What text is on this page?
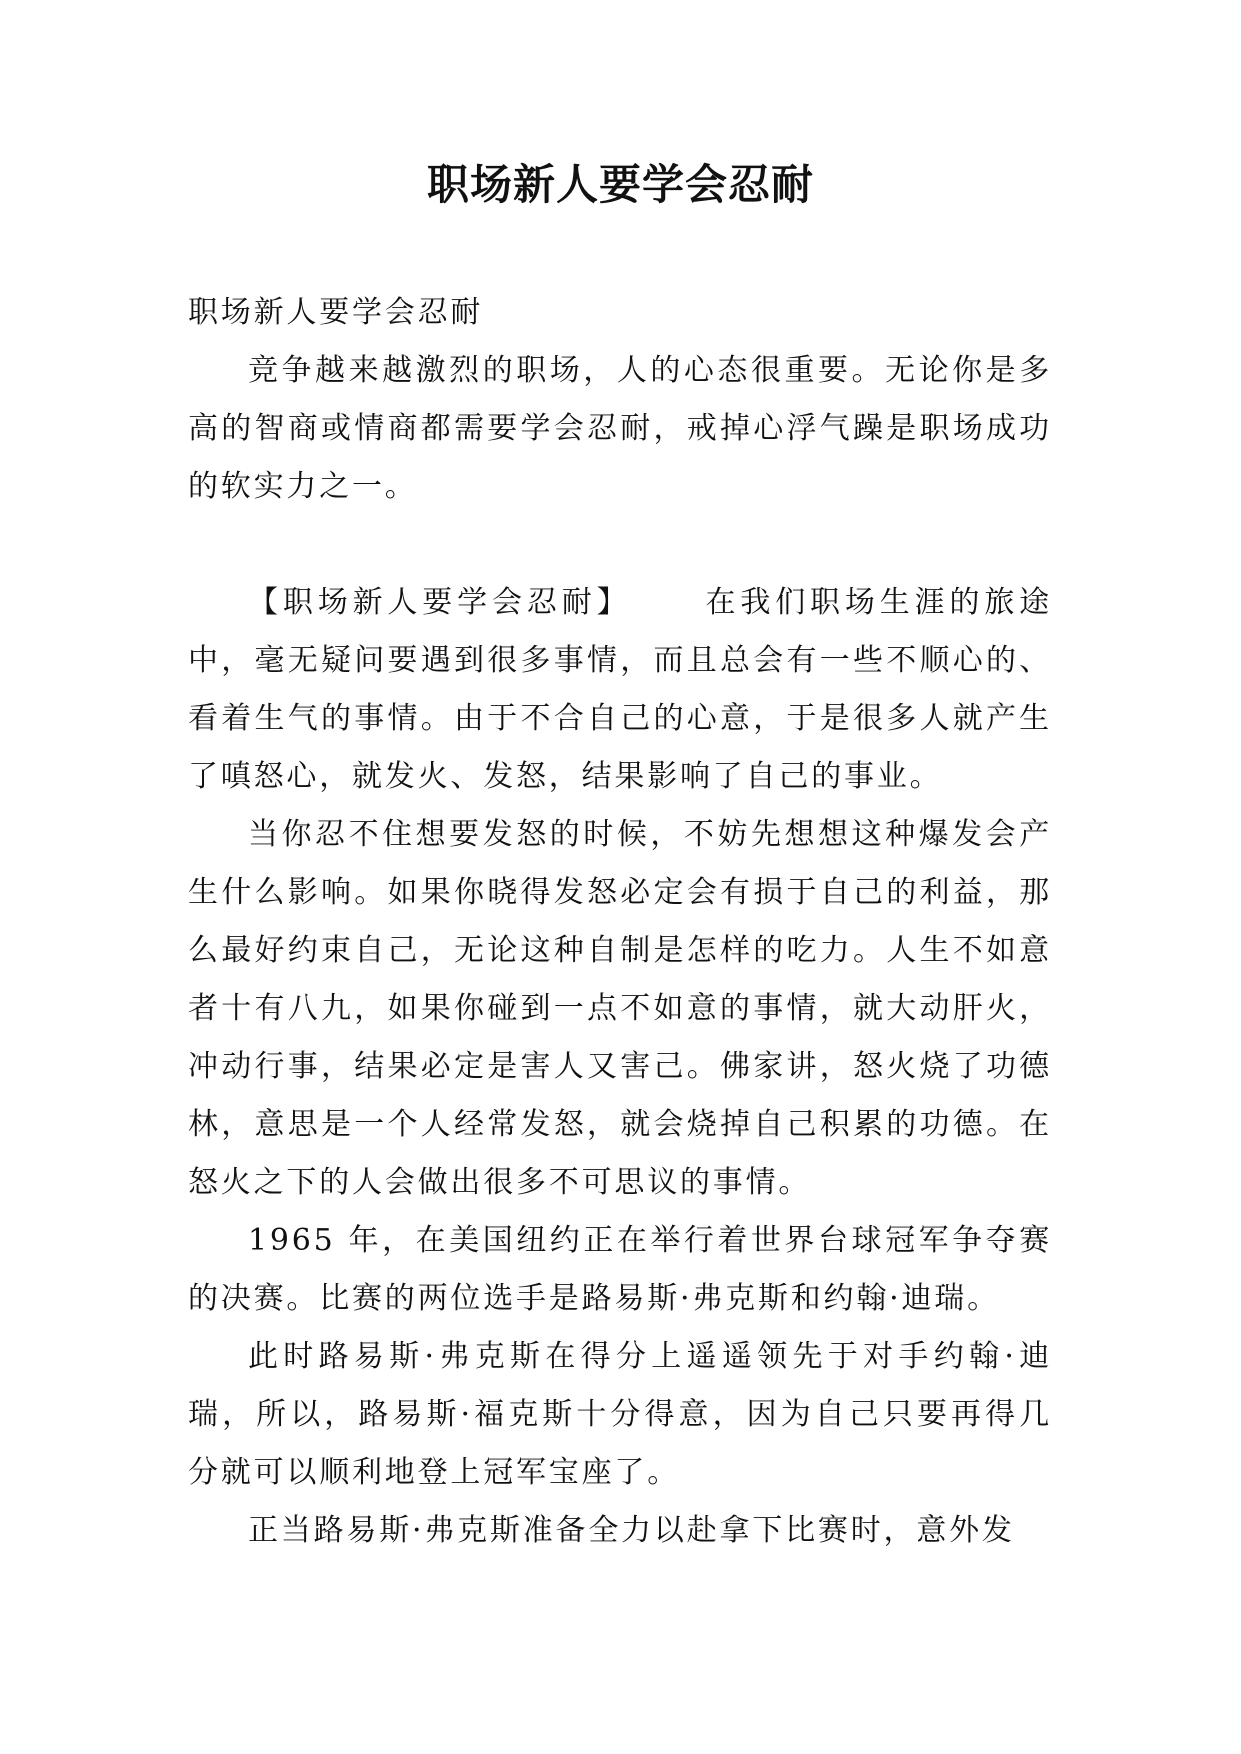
职场新人要学会忍耐

职场新人要学会忍耐

竞争越来越激烈的职场，人的心态很重要。无论你是多高的智商或情商都需要学会忍耐，戒掉心浮气躁是职场成功的软实力之一。

【职场新人要学会忍耐】 在我们职场生涯的旅途中，毫无疑问要遇到很多事情，而且总会有一些不顺心的、看着生气的事情。由于不合自己的心意，于是很多人就产生了嗔怒心，就发火、发怒，结果影响了自己的事业。

当你忍不住想要发怒的时候，不妨先想想这种爆发会产生什么影响。如果你晓得发怒必定会有损于自己的利益，那么最好约束自己，无论这种自制是怎样的吃力。人生不如意者十有八九，如果你碰到一点不如意的事情，就大动肝火，冲动行事，结果必定是害人又害己。佛家讲，怒火烧了功德林，意思是一个人经常发怒，就会烧掉自己积累的功德。在怒火之下的人会做出很多不可思议的事情。

1965 年，在美国纽约正在举行着世界台球冠军争夺赛的决赛。比赛的两位选手是路易斯·弗克斯和约翰·迪瑞。

此时路易斯·弗克斯在得分上遥遥领先于对手约翰·迪瑞，所以，路易斯·福克斯十分得意，因为自己只要再得几分就可以顺利地登上冠军宝座了。

正当路易斯·弗克斯准备全力以赴拿下比赛时，意外发
